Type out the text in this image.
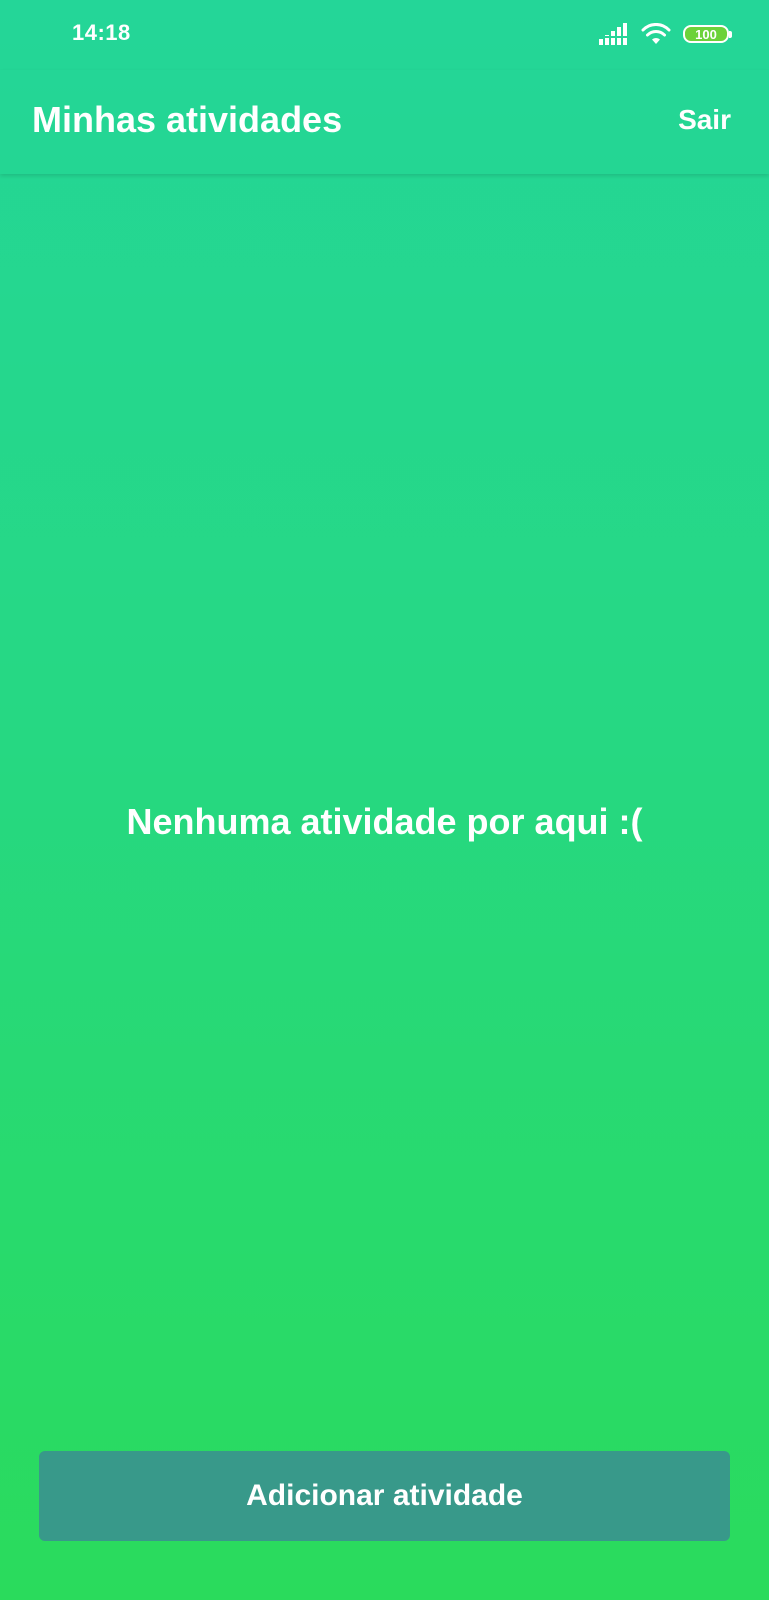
14:18	100
Minhas atividades	Sair
Nenhuma atividade por aqui :(
Adicionar atividade
